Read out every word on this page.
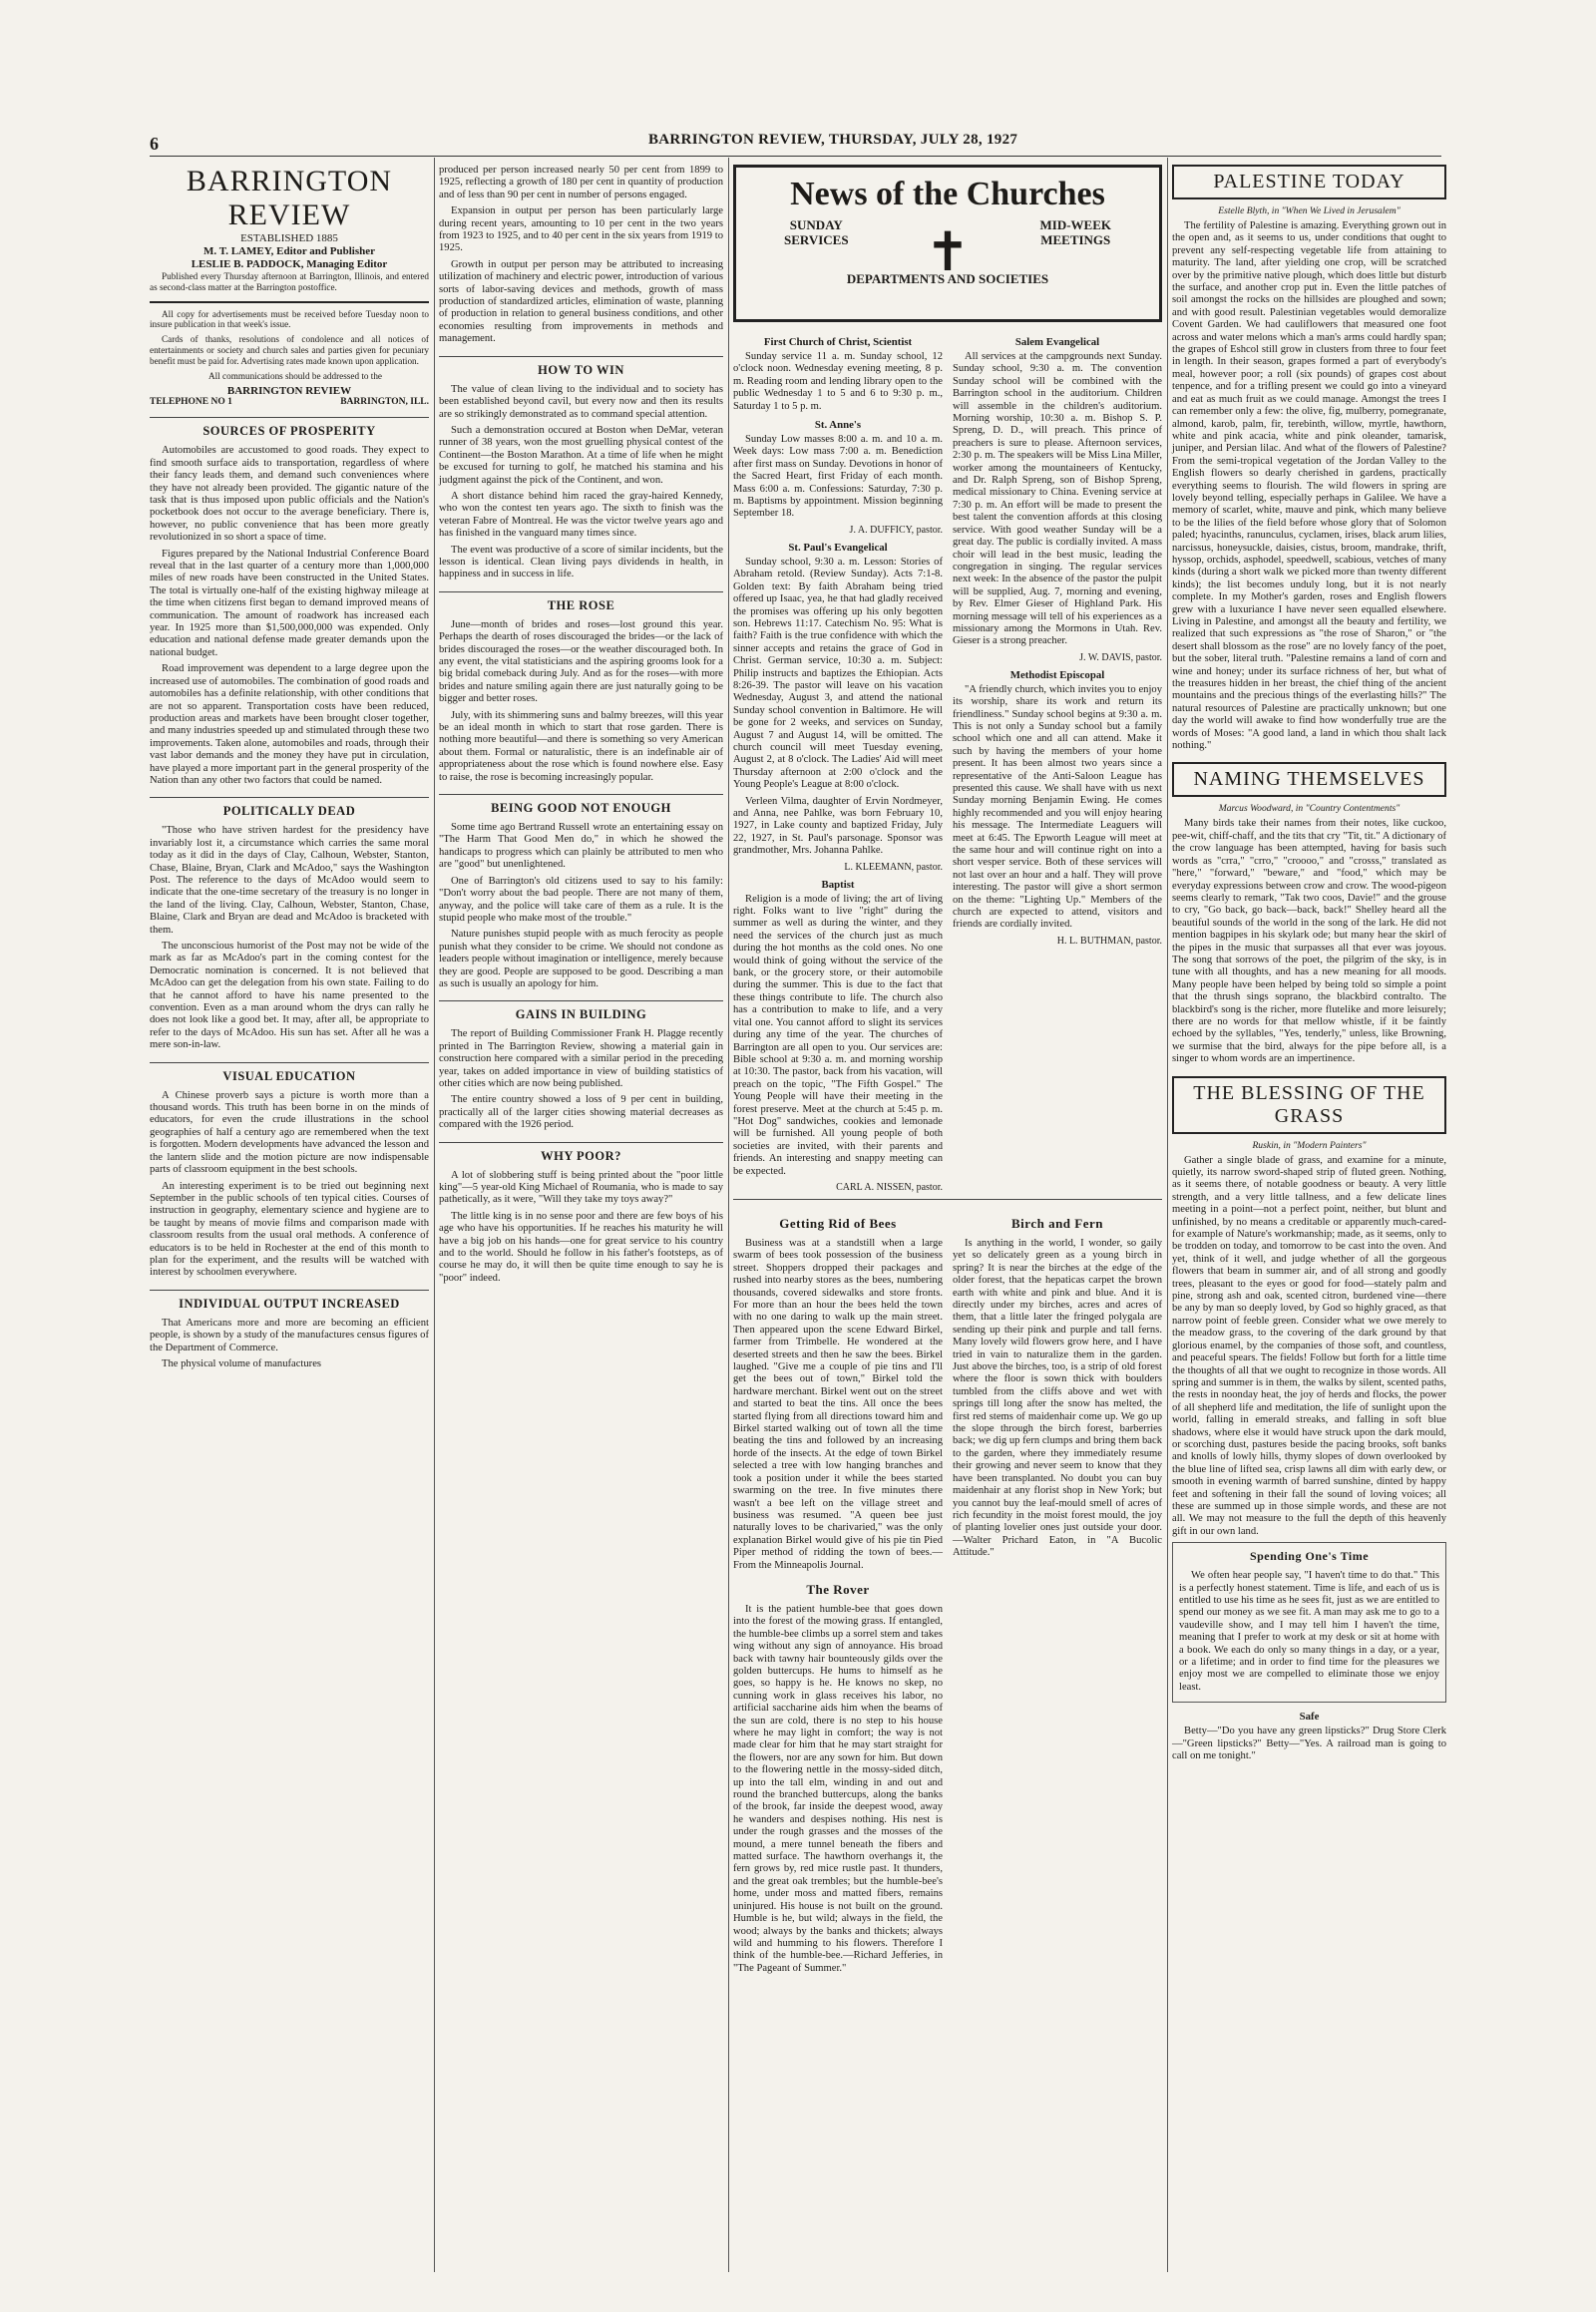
6	BARRINGTON REVIEW, THURSDAY, JULY 28, 1927
BARRINGTON REVIEW

ESTABLISHED 1885

M. T. LAMEY, Editor and Publisher

LESLIE B. PADDOCK, Managing Editor

Published every Thursday afternoon at Barrington, Illinois, and entered as second-class matter at the Barrington postoffice.

All copy for advertisements must be received before Tuesday noon to insure publication in that week's issue.

Cards of thanks, resolutions of condolence and all notices of entertainments or society and church sales and parties given for pecuniary benefit must be paid for. Advertising rates made known upon application.

All communications should be addressed to the

BARRINGTON REVIEW
TELEPHONE NO 1	BARRINGTON, ILL.
SOURCES OF PROSPERITY

Automobiles are accustomed to good roads. They expect to find smooth surface aids to transportation, regardless of where their fancy leads them, and demand such conveniences where they have not already been provided. The gigantic nature of the task that is thus imposed upon public officials and the Nation's pocketbook does not occur to the average beneficiary. There is, however, no public convenience that has been more greatly revolutionized in so short a space of time.

Figures prepared by the National Industrial Conference Board reveal that in the last quarter of a century more than 1,000,000 miles of new roads have been constructed in the United States. The total is virtually one-half of the existing highway mileage at the time when citizens first began to demand improved means of communication. The amount of roadwork has increased each year. In 1925 more than $1,500,000,000 was expended. Only education and national defense made greater demands upon the national budget.

Road improvement was dependent to a large degree upon the increased use of automobiles. The combination of good roads and automobiles has a definite relationship, with other conditions that are not so apparent. Transportation costs have been reduced, production areas and markets have been brought closer together, and many industries speeded up and stimulated through these two improvements. Taken alone, automobiles and roads, through their vast labor demands and the money they have put in circulation, have played a more important part in the general prosperity of the Nation than any other two factors that could be named.

POLITICALLY DEAD

"Those who have striven hardest for the presidency have invariably lost it, a circumstance which carries the same moral today as it did in the days of Clay, Calhoun, Webster, Stanton, Chase, Blaine, Bryan, Clark and McAdoo," says the Washington Post. The reference to the days of McAdoo would seem to indicate that the one-time secretary of the treasury is no longer in the land of the living. Clay, Calhoun, Webster, Stanton, Chase, Blaine, Clark and Bryan are dead and McAdoo is bracketed with them.

The unconscious humorist of the Post may not be wide of the mark as far as McAdoo's part in the coming contest for the Democratic nomination is concerned. It is not believed that McAdoo can get the delegation from his own state. Failing to do that he cannot afford to have his name presented to the convention. Even as a man around whom the drys can rally he does not look like a good bet. It may, after all, be appropriate to refer to the days of McAdoo. His sun has set. After all he was a mere son-in-law.

VISUAL EDUCATION

A Chinese proverb says a picture is worth more than a thousand words. This truth has been borne in on the minds of educators, for even the crude illustrations in the school geographies of half a century ago are remembered when the text is forgotten. Modern developments have advanced the lesson and the lantern slide and the motion picture are now indispensable parts of classroom equipment in the best schools.

An interesting experiment is to be tried out beginning next September in the public schools of ten typical cities. Courses of instruction in geography, elementary science and hygiene are to be taught by means of movie films and comparison made with classroom results from the usual oral methods. A conference of educators is to be held in Rochester at the end of this month to plan for the experiment, and the results will be watched with interest by schoolmen everywhere.

INDIVIDUAL OUTPUT INCREASED

That Americans more and more are becoming an efficient people, is shown by a study of the manufactures census figures of the Department of Commerce.

The physical volume of manufactures

produced per person increased nearly 50 per cent from 1899 to 1925, reflecting a growth of 180 per cent in quantity of production and of less than 90 per cent in number of persons engaged.

Expansion in output per person has been particularly large during recent years, amounting to 10 per cent in the two years from 1923 to 1925, and to 40 per cent in the six years from 1919 to 1925.

Growth in output per person may be attributed to increasing utilization of machinery and electric power, introduction of various sorts of labor-saving devices and methods, growth of mass production of standardized articles, elimination of waste, planning of production in relation to general business conditions, and other economies resulting from improvements in methods and management.

HOW TO WIN

The value of clean living to the individual and to society has been established beyond cavil, but every now and then its results are so strikingly demonstrated as to command special attention.

Such a demonstration occured at Boston when DeMar, veteran runner of 38 years, won the most gruelling physical contest of the Continent—the Boston Marathon. At a time of life when he might be excused for turning to golf, he matched his stamina and his judgment against the pick of the Continent, and won.

A short distance behind him raced the gray-haired Kennedy, who won the contest ten years ago. The sixth to finish was the veteran Fabre of Montreal. He was the victor twelve years ago and has finished in the vanguard many times since.

The event was productive of a score of similar incidents, but the lesson is identical. Clean living pays dividends in health, in happiness and in success in life.

THE ROSE

June—month of brides and roses—lost ground this year. Perhaps the dearth of roses discouraged the brides—or the lack of brides discouraged the roses—or the weather discouraged both. In any event, the vital statisticians and the aspiring grooms look for a big bridal comeback during July. And as for the roses—with more brides and nature smiling again there are just naturally going to be bigger and better roses.

July, with its shimmering suns and balmy breezes, will this year be an ideal month in which to start that rose garden. There is nothing more beautiful—and there is something so very American about them. Formal or naturalistic, there is an indefinable air of appropriateness about the rose which is found nowhere else. Easy to raise, the rose is becoming increasingly popular.

BEING GOOD NOT ENOUGH

Some time ago Bertrand Russell wrote an entertaining essay on "The Harm That Good Men do," in which he showed the handicaps to progress which can plainly be attributed to men who are "good" but unenlightened.

One of Barrington's old citizens used to say to his family: "Don't worry about the bad people. There are not many of them, anyway, and the police will take care of them as a rule. It is the stupid people who make most of the trouble."

Nature punishes stupid people with as much ferocity as people punish what they consider to be crime. We should not condone as leaders people without imagination or intelligence, merely because they are good. People are supposed to be good. Describing a man as such is usually an apology for him.

GAINS IN BUILDING

The report of Building Commissioner Frank H. Plagge recently printed in The Barrington Review, showing a material gain in construction here compared with a similar period in the preceding year, takes on added importance in view of building statistics of other cities which are now being published.

The entire country showed a loss of 9 per cent in building, practically all of the larger cities showing material decreases as compared with the 1926 period.

WHY POOR?

A lot of slobbering stuff is being printed about the "poor little king"—5 year-old King Michael of Roumania, who is made to say pathetically, as it were, "Will they take my toys away?"

The little king is in no sense poor and there are few boys of his age who have his opportunities. If he reaches his maturity he will have a big job on his hands—one for great service to his country and to the world. Should he follow in his father's footsteps, as of course he may do, it will then be quite time enough to say he is "poor" indeed.

News of the Churches
SUNDAY
SERVICES
MID-WEEK
MEETINGS
✝
DEPARTMENTS AND SOCIETIES
First Church of Christ, Scientist

Sunday service 11 a. m. Sunday school, 12 o'clock noon. Wednesday evening meeting, 8 p. m. Reading room and lending library open to the public Wednesday 1 to 5 and 6 to 9:30 p. m., Saturday 1 to 5 p. m.

St. Anne's

Sunday Low masses 8:00 a. m. and 10 a. m. Week days: Low mass 7:00 a. m. Benediction after first mass on Sunday. Devotions in honor of the Sacred Heart, first Friday of each month. Mass 6:00 a. m. Confessions: Saturday, 7:30 p. m. Baptisms by appointment. Mission beginning September 18.

J. A. DUFFICY, pastor.
St. Paul's Evangelical

Sunday school, 9:30 a. m. Lesson: Stories of Abraham retold. (Review Sunday). Acts 7:1-8. Golden text: By faith Abraham being tried offered up Isaac, yea, he that had gladly received the promises was offering up his only begotten son. Hebrews 11:17. Catechism No. 95: What is faith? Faith is the true confidence with which the sinner accepts and retains the grace of God in Christ. German service, 10:30 a. m. Subject: Philip instructs and baptizes the Ethiopian. Acts 8:26-39. The pastor will leave on his vacation Wednesday, August 3, and attend the national Sunday school convention in Baltimore. He will be gone for 2 weeks, and services on Sunday, August 7 and August 14, will be omitted. The church council will meet Tuesday evening, August 2, at 8 o'clock. The Ladies' Aid will meet Thursday afternoon at 2:00 o'clock and the Young People's League at 8:00 o'clock.

Verleen Vilma, daughter of Ervin Nordmeyer, and Anna, nee Pahlke, was born February 10, 1927, in Lake county and baptized Friday, July 22, 1927, in St. Paul's parsonage. Sponsor was grandmother, Mrs. Johanna Pahlke.

L. KLEEMANN, pastor.
Baptist

Religion is a mode of living; the art of living right. Folks want to live "right" during the summer as well as during the winter, and they need the services of the church just as much during the hot months as the cold ones. No one would think of going without the service of the bank, or the grocery store, or their automobile during the summer. This is due to the fact that these things contribute to life. The church also has a contribution to make to life, and a very vital one. You cannot afford to slight its services during any time of the year. The churches of Barrington are all open to you. Our services are: Bible school at 9:30 a. m. and morning worship at 10:30. The pastor, back from his vacation, will preach on the topic, "The Fifth Gospel." The Young People will have their meeting in the forest preserve. Meet at the church at 5:45 p. m. "Hot Dog" sandwiches, cookies and lemonade will be furnished. All young people of both societies are invited, with their parents and friends. An interesting and snappy meeting can be expected.

CARL A. NISSEN, pastor.
Salem Evangelical

All services at the campgrounds next Sunday. Sunday school, 9:30 a. m. The convention Sunday school will be combined with the Barrington school in the auditorium. Children will assemble in the children's auditorium. Morning worship, 10:30 a. m. Bishop S. P. Spreng, D. D., will preach. This prince of preachers is sure to please. Afternoon services, 2:30 p. m. The speakers will be Miss Lina Miller, worker among the mountaineers of Kentucky, and Dr. Ralph Spreng, son of Bishop Spreng, medical missionary to China. Evening service at 7:30 p. m. An effort will be made to present the best talent the convention affords at this closing service. With good weather Sunday will be a great day. The public is cordially invited. A mass choir will lead in the best music, leading the congregation in singing. The regular services next week: In the absence of the pastor the pulpit will be supplied, Aug. 7, morning and evening, by Rev. Elmer Gieser of Highland Park. His morning message will tell of his experiences as a missionary among the Mormons in Utah. Rev. Gieser is a strong preacher.

J. W. DAVIS, pastor.
Methodist Episcopal

"A friendly church, which invites you to enjoy its worship, share its work and return its friendliness." Sunday school begins at 9:30 a. m. This is not only a Sunday school but a family school which one and all can attend. Make it such by having the members of your home present. It has been almost two years since a representative of the Anti-Saloon League has presented this cause. We shall have with us next Sunday morning Benjamin Ewing. He comes highly recommended and you will enjoy hearing his message. The Intermediate Leaguers will meet at 6:45. The Epworth League will meet at the same hour and will continue right on into a short vesper service. Both of these services will not last over an hour and a half. They will prove interesting. The pastor will give a short sermon on the theme: "Lighting Up." Members of the church are expected to attend, visitors and friends are cordially invited.

H. L. BUTHMAN, pastor.
Getting Rid of Bees

Business was at a standstill when a large swarm of bees took possession of the business street. Shoppers dropped their packages and rushed into nearby stores as the bees, numbering thousands, covered sidewalks and store fronts. For more than an hour the bees held the town with no one daring to walk up the main street. Then appeared upon the scene Edward Birkel, farmer from Trimbelle. He wondered at the deserted streets and then he saw the bees. Birkel laughed. "Give me a couple of pie tins and I'll get the bees out of town," Birkel told the hardware merchant. Birkel went out on the street and started to beat the tins. All once the bees started flying from all directions toward him and Birkel started walking out of town all the time beating the tins and followed by an increasing horde of the insects. At the edge of town Birkel selected a tree with low hanging branches and took a position under it while the bees started swarming on the tree. In five minutes there wasn't a bee left on the village street and business was resumed. "A queen bee just naturally loves to be charivaried," was the only explanation Birkel would give of his pie tin Pied Piper method of ridding the town of bees.—From the Minneapolis Journal.

The Rover

It is the patient humble-bee that goes down into the forest of the mowing grass. If entangled, the humble-bee climbs up a sorrel stem and takes wing without any sign of annoyance. His broad back with tawny hair bounteously gilds over the golden buttercups. He hums to himself as he goes, so happy is he. He knows no skep, no cunning work in glass receives his labor, no artificial saccharine aids him when the beams of the sun are cold, there is no step to his house where he may light in comfort; the way is not made clear for him that he may start straight for the flowers, nor are any sown for him. But down to the flowering nettle in the mossy-sided ditch, up into the tall elm, winding in and out and round the branched buttercups, along the banks of the brook, far inside the deepest wood, away he wanders and despises nothing. His nest is under the rough grasses and the mosses of the mound, a mere tunnel beneath the fibers and matted surface. The hawthorn overhangs it, the fern grows by, red mice rustle past. It thunders, and the great oak trembles; but the humble-bee's home, under moss and matted fibers, remains uninjured. His house is not built on the ground. Humble is he, but wild; always in the field, the wood; always by the banks and thickets; always wild and humming to his flowers. Therefore I think of the humble-bee.—Richard Jefferies, in "The Pageant of Summer."

Birch and Fern

Is anything in the world, I wonder, so gaily yet so delicately green as a young birch in spring? It is near the birches at the edge of the older forest, that the hepaticas carpet the brown earth with white and pink and blue. And it is directly under my birches, acres and acres of them, that a little later the fringed polygala are sending up their pink and purple and tall ferns. Many lovely wild flowers grow here, and I have tried in vain to naturalize them in the garden. Just above the birches, too, is a strip of old forest where the floor is sown thick with boulders tumbled from the cliffs above and wet with springs till long after the snow has melted, the first red stems of maidenhair come up. We go up the slope through the birch forest, barberries back; we dig up fern clumps and bring them back to the garden, where they immediately resume their growing and never seem to know that they have been transplanted. No doubt you can buy maidenhair at any florist shop in New York; but you cannot buy the leaf-mould smell of acres of rich fecundity in the moist forest mould, the joy of planting lovelier ones just outside your door.—Walter Prichard Eaton, in "A Bucolic Attitude."

PALESTINE TODAY
Estelle Blyth, in "When We Lived in Jerusalem"

The fertility of Palestine is amazing. Everything grown out in the open and, as it seems to us, under conditions that ought to prevent any self-respecting vegetable life from attaining to maturity. The land, after yielding one crop, will be scratched over by the primitive native plough, which does little but disturb the surface, and another crop put in. Even the little patches of soil amongst the rocks on the hillsides are ploughed and sown; and with good result. Palestinian vegetables would demoralize Covent Garden. We had cauliflowers that measured one foot across and water melons which a man's arms could hardly span; the grapes of Eshcol still grow in clusters from three to four feet in length. In their season, grapes formed a part of everybody's meal, however poor; a roll (six pounds) of grapes cost about tenpence, and for a trifling present we could go into a vineyard and eat as much fruit as we could manage. Amongst the trees I can remember only a few: the olive, fig, mulberry, pomegranate, almond, karob, palm, fir, terebinth, willow, myrtle, hawthorn, white and pink acacia, white and pink oleander, tamarisk, juniper, and Persian lilac. And what of the flowers of Palestine? From the semi-tropical vegetation of the Jordan Valley to the English flowers so dearly cherished in gardens, practically everything seems to flourish. The wild flowers in spring are lovely beyond telling, especially perhaps in Galilee. We have a memory of scarlet, white, mauve and pink, which many believe to be the lilies of the field before whose glory that of Solomon paled; hyacinths, ranunculus, cyclamen, irises, black arum lilies, narcissus, honeysuckle, daisies, cistus, broom, mandrake, thrift, hyssop, orchids, asphodel, speedwell, scabious, vetches of many kinds (during a short walk we picked more than twenty different kinds); the list becomes unduly long, but it is not nearly complete. In my Mother's garden, roses and English flowers grew with a luxuriance I have never seen equalled elsewhere. Living in Palestine, and amongst all the beauty and fertility, we realized that such expressions as "the rose of Sharon," or "the desert shall blossom as the rose" are no lovely fancy of the poet, but the sober, literal truth. "Palestine remains a land of corn and wine and honey; under its surface richness of her, but what of the treasures hidden in her breast, the chief thing of the ancient mountains and the precious things of the everlasting hills?" The natural resources of Palestine are practically unknown; but one day the world will awake to find how wonderfully true are the words of Moses: "A good land, a land in which thou shalt lack nothing."

NAMING THEMSELVES
Marcus Woodward, in "Country Contentments"

Many birds take their names from their notes, like cuckoo, pee-wit, chiff-chaff, and the tits that cry "Tit, tit." A dictionary of the crow language has been attempted, having for basis such words as "crra," "crro," "croooo," and "crosss," translated as "here," "forward," "beware," and "food," which may be everyday expressions between crow and crow. The wood-pigeon seems clearly to remark, "Tak two coos, Davie!" and the grouse to cry, "Go back, go back—back, back!" Shelley heard all the beautiful sounds of the world in the song of the lark. He did not mention bagpipes in his skylark ode; but many hear the skirl of the pipes in the music that surpasses all that ever was joyous. The song that sorrows of the poet, the pilgrim of the sky, is in tune with all thoughts, and has a new meaning for all moods. Many people have been helped by being told so simple a point that the thrush sings soprano, the blackbird contralto. The blackbird's song is the richer, more flutelike and more leisurely; there are no words for that mellow whistle, if it be faintly echoed by the syllables, "Yes, tenderly," unless, like Browning, we surmise that the bird, always for the pipe before all, is a singer to whom words are an impertinence.

THE BLESSING OF THE GRASS
Ruskin, in "Modern Painters"

Gather a single blade of grass, and examine for a minute, quietly, its narrow sword-shaped strip of fluted green. Nothing, as it seems there, of notable goodness or beauty. A very little strength, and a very little tallness, and a few delicate lines meeting in a point—not a perfect point, neither, but blunt and unfinished, by no means a creditable or apparently much-cared-for example of Nature's workmanship; made, as it seems, only to be trodden on today, and tomorrow to be cast into the oven. And yet, think of it well, and judge whether of all the gorgeous flowers that beam in summer air, and of all strong and goodly trees, pleasant to the eyes or good for food—stately palm and pine, strong ash and oak, scented citron, burdened vine—there be any by man so deeply loved, by God so highly graced, as that narrow point of feeble green. Consider what we owe merely to the meadow grass, to the covering of the dark ground by that glorious enamel, by the companies of those soft, and countless, and peaceful spears. The fields! Follow but forth for a little time the thoughts of all that we ought to recognize in those words. All spring and summer is in them, the walks by silent, scented paths, the rests in noonday heat, the joy of herds and flocks, the power of all shepherd life and meditation, the life of sunlight upon the world, falling in emerald streaks, and falling in soft blue shadows, where else it would have struck upon the dark mould, or scorching dust, pastures beside the pacing brooks, soft banks and knolls of lowly hills, thymy slopes of down overlooked by the blue line of lifted sea, crisp lawns all dim with early dew, or smooth in evening warmth of barred sunshine, dinted by happy feet and softening in their fall the sound of loving voices; all these are summed up in those simple words, and these are not all. We may not measure to the full the depth of this heavenly gift in our own land.

Spending One's Time

We often hear people say, "I haven't time to do that." This is a perfectly honest statement. Time is life, and each of us is entitled to use his time as he sees fit, just as we are entitled to spend our money as we see fit. A man may ask me to go to a vaudeville show, and I may tell him I haven't the time, meaning that I prefer to work at my desk or sit at home with a book. We each do only so many things in a day, or a year, or a lifetime; and in order to find time for the pleasures we enjoy most we are compelled to eliminate those we enjoy least.

Safe

Betty—"Do you have any green lipsticks?" Drug Store Clerk—"Green lipsticks?" Betty—"Yes. A railroad man is going to call on me tonight."
